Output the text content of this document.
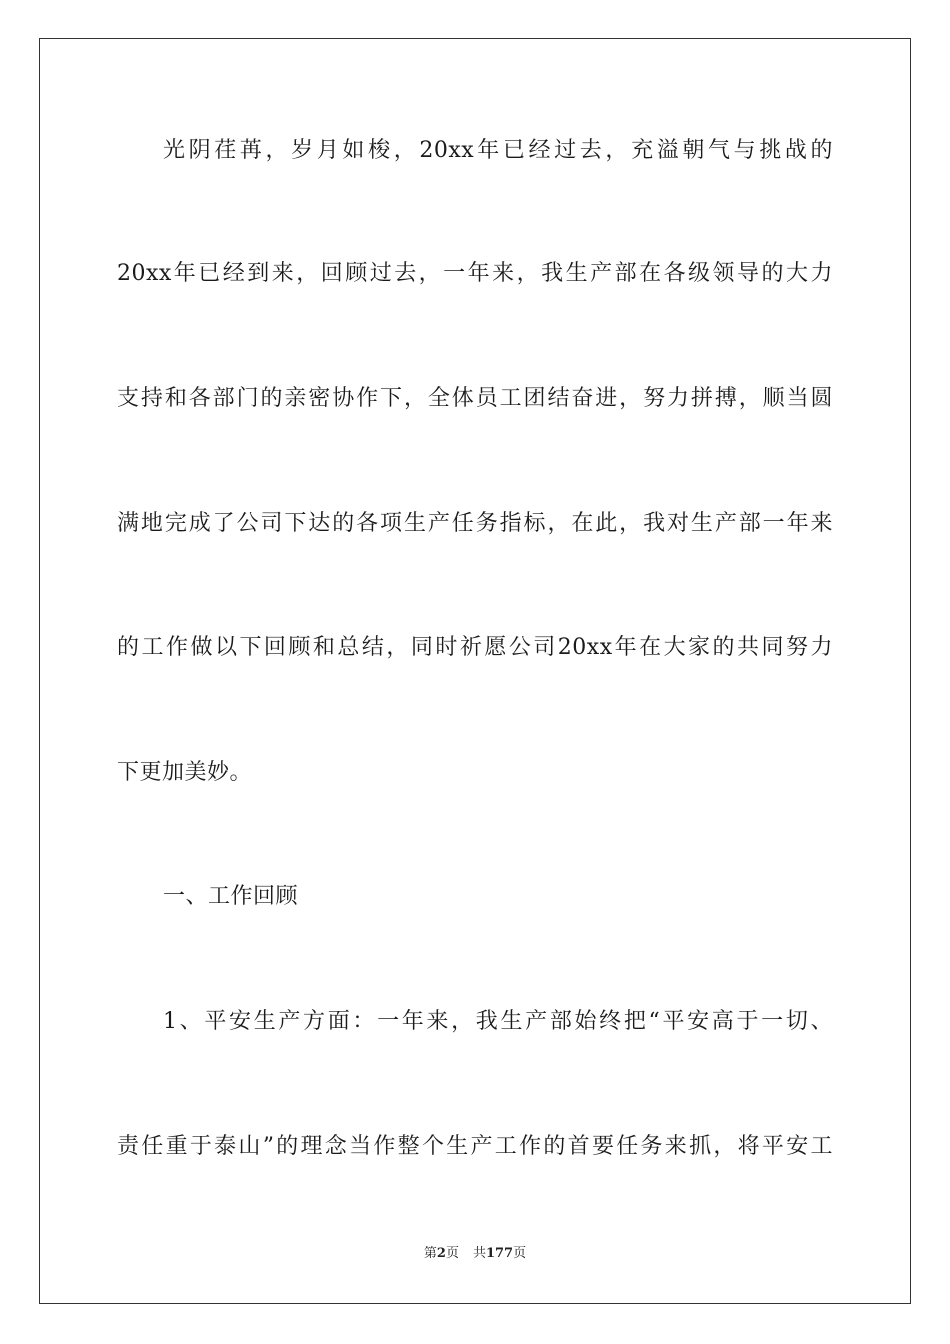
光阴荏苒，岁月如梭，20xx年已经过去，充溢朝气与挑战的
20xx年已经到来，回顾过去，一年来，我生产部在各级领导的大力
支持和各部门的亲密协作下，全体员工团结奋进，努力拼搏，顺当圆
满地完成了公司下达的各项生产任务指标，在此，我对生产部一年来
的工作做以下回顾和总结，同时祈愿公司20xx年在大家的共同努力
下更加美妙。
一、工作回顾
1、平安生产方面：一年来，我生产部始终把“平安高于一切、
责任重于泰山”的理念当作整个生产工作的首要任务来抓，将平安工
第2页 共177页
